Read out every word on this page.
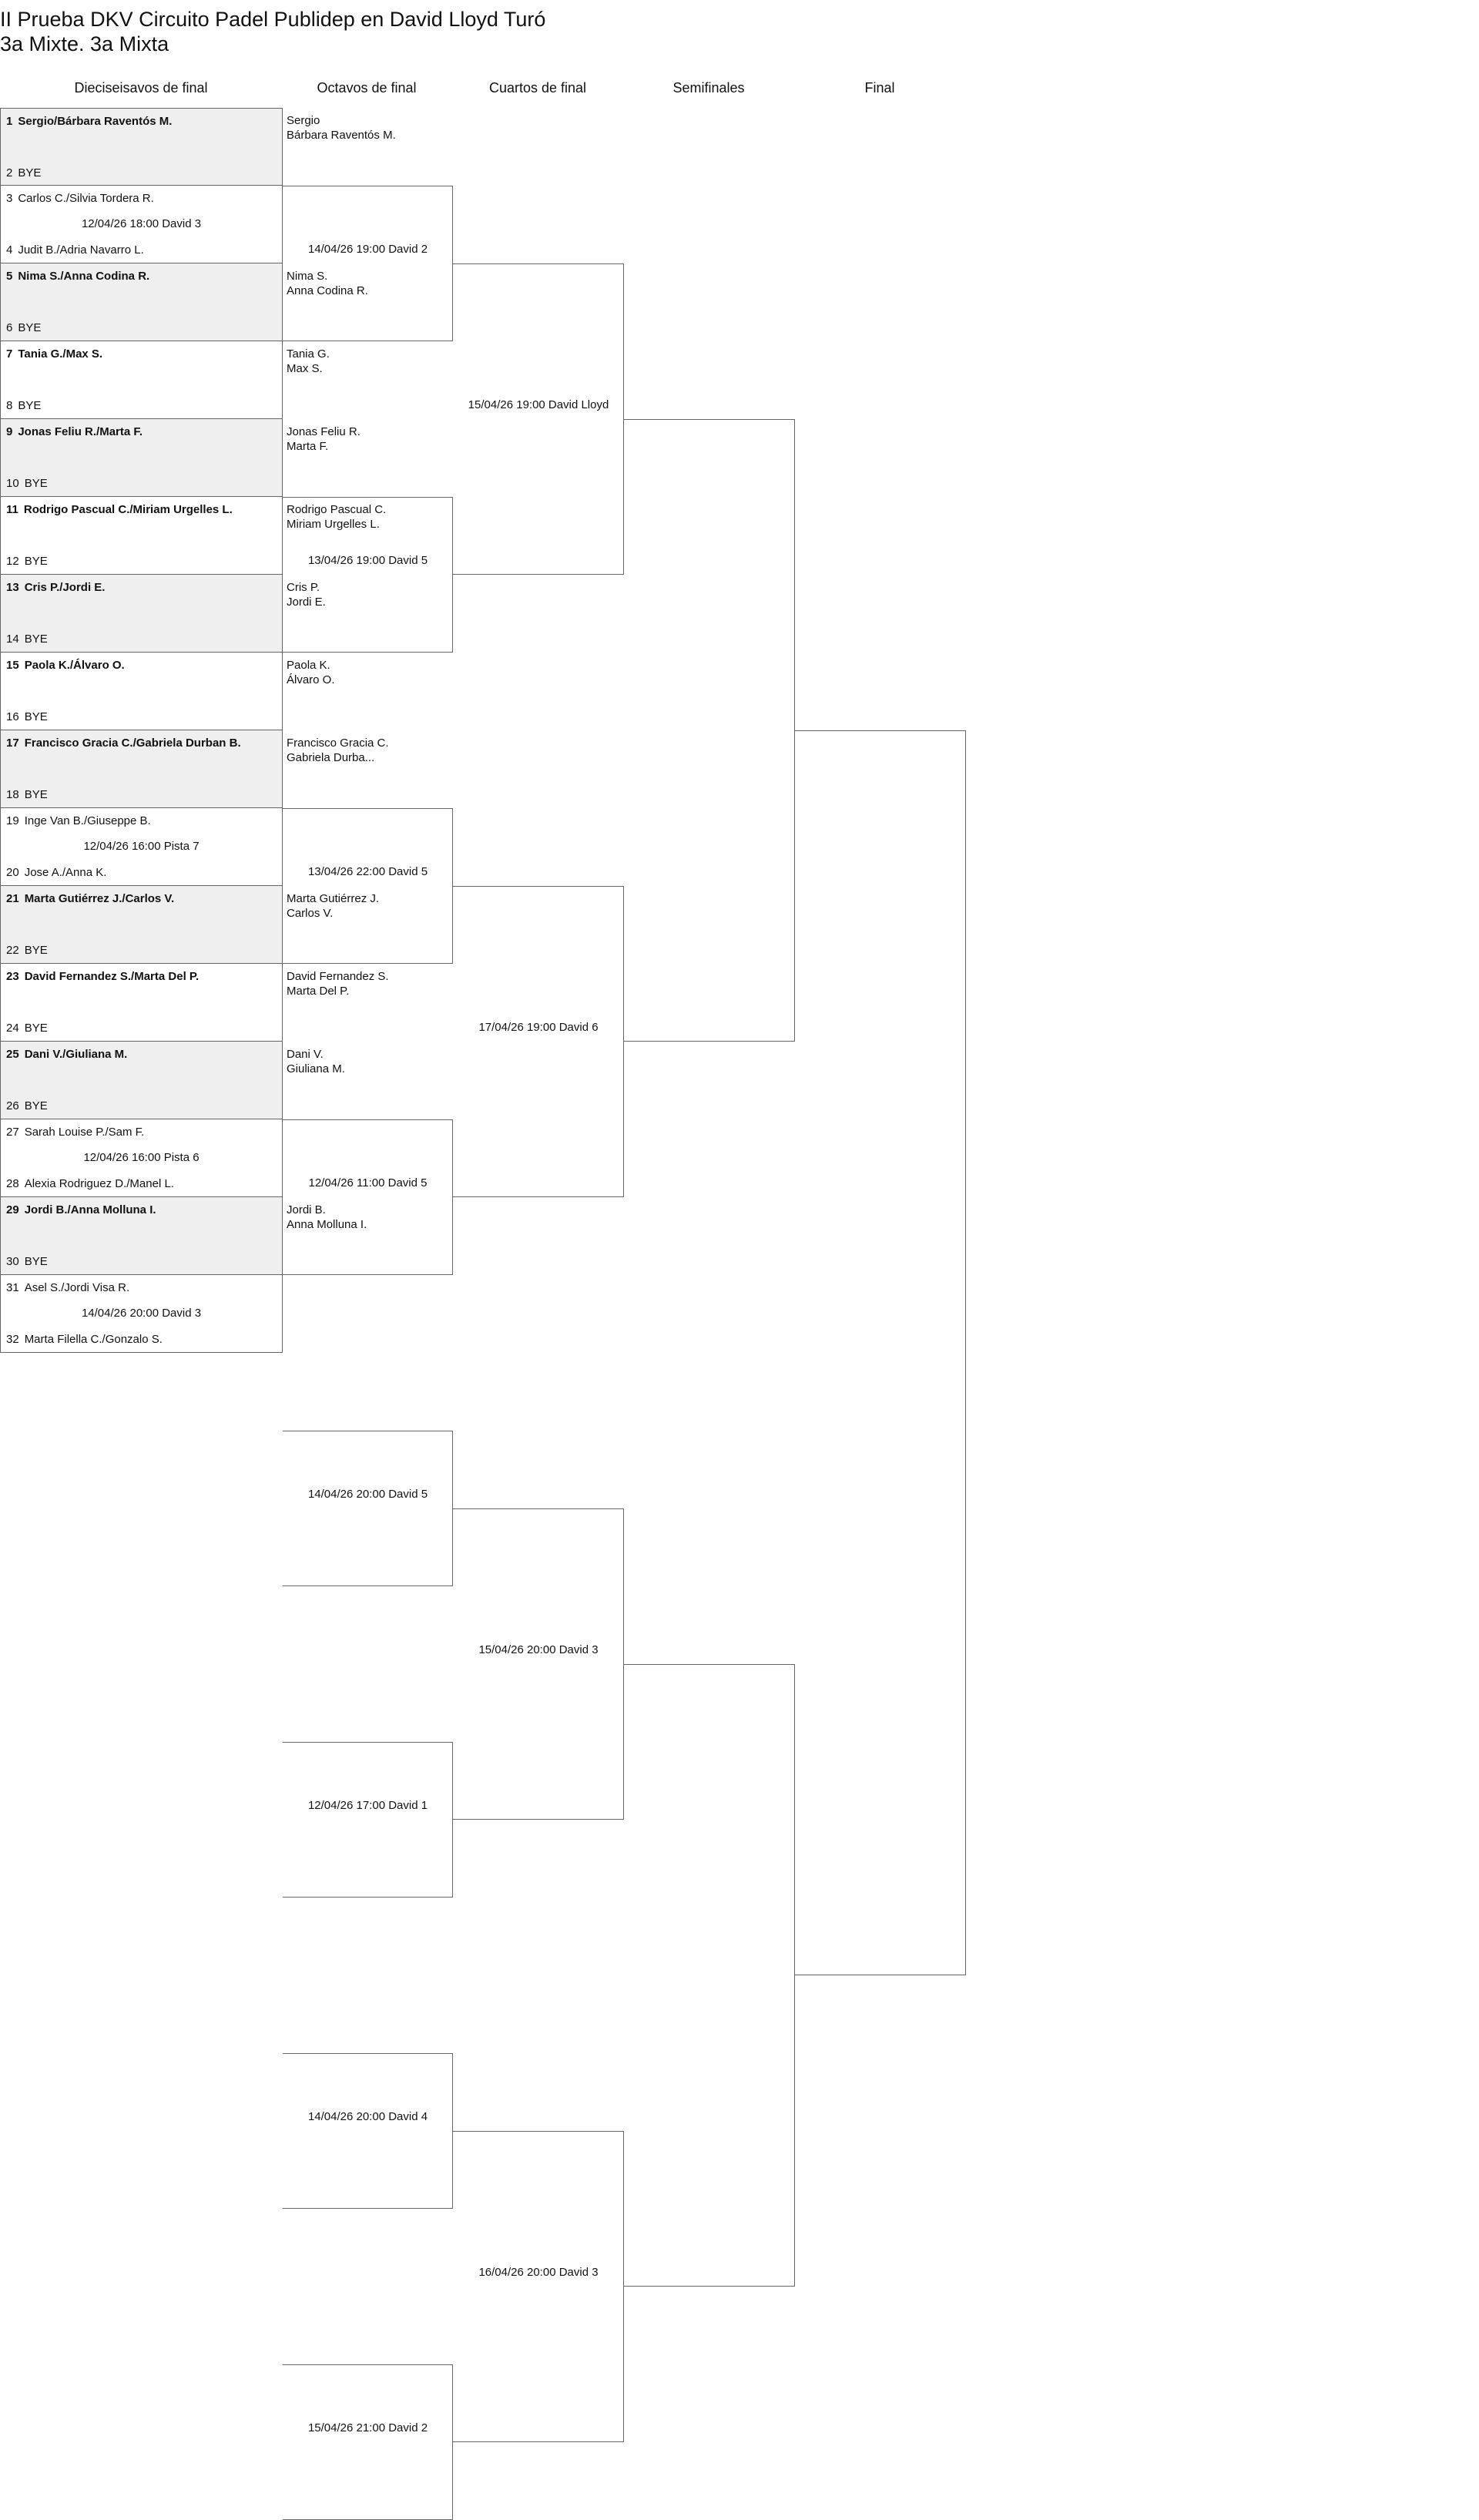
II Prueba DKV Circuito Padel Publidep en David Lloyd Turó
3a Mixte. 3a Mixta
Dieciseisavos de final	Octavos de final	Cuartos de final	Semifinales	Final
1 Sergio/Bárbara Raventós M.
2 BYE
3 Carlos C./Silvia Tordera R.
12/04/26 18:00 David 3
4 Judit B./Adria Navarro L.
5 Nima S./Anna Codina R.
6 BYE
7 Tania G./Max S.
8 BYE
9 Jonas Feliu R./Marta F.
10 BYE
11 Rodrigo Pascual C./Miriam Urgelles L.
12 BYE
13 Cris P./Jordi E.
14 BYE
15 Paola K./Álvaro O.
16 BYE
17 Francisco Gracia C./Gabriela Durban B.
18 BYE
19 Inge Van B./Giuseppe B.
12/04/26 16:00 Pista 7
20 Jose A./Anna K.
21 Marta Gutiérrez J./Carlos V.
22 BYE
23 David Fernandez S./Marta Del P.
24 BYE
25 Dani V./Giuliana M.
26 BYE
27 Sarah Louise P./Sam F.
12/04/26 16:00 Pista 6
28 Alexia Rodriguez D./Manel L.
29 Jordi B./Anna Molluna I.
30 BYE
31 Asel S./Jordi Visa R.
14/04/26 20:00 David 3
32 Marta Filella C./Gonzalo S.
14/04/26 19:00 David 2
13/04/26 19:00 David 5
13/04/26 22:00 David 5
12/04/26 11:00 David 5
14/04/26 20:00 David 5
12/04/26 17:00 David 1
14/04/26 20:00 David 4
15/04/26 21:00 David 2
15/04/26 19:00 David Lloyd
17/04/26 19:00 David 6
15/04/26 20:00 David 3
16/04/26 20:00 David 3
Sergio
Bárbara Raventós M.
Nima S.
Anna Codina R.
Tania G.
Max S.
Jonas Feliu R.
Marta F.
Rodrigo Pascual C.
Miriam Urgelles L.
Cris P.
Jordi E.
Paola K.
Álvaro O.
Francisco Gracia C.
Gabriela Durba...
Marta Gutiérrez J.
Carlos V.
David Fernandez S.
Marta Del P.
Dani V.
Giuliana M.
Jordi B.
Anna Molluna I.
